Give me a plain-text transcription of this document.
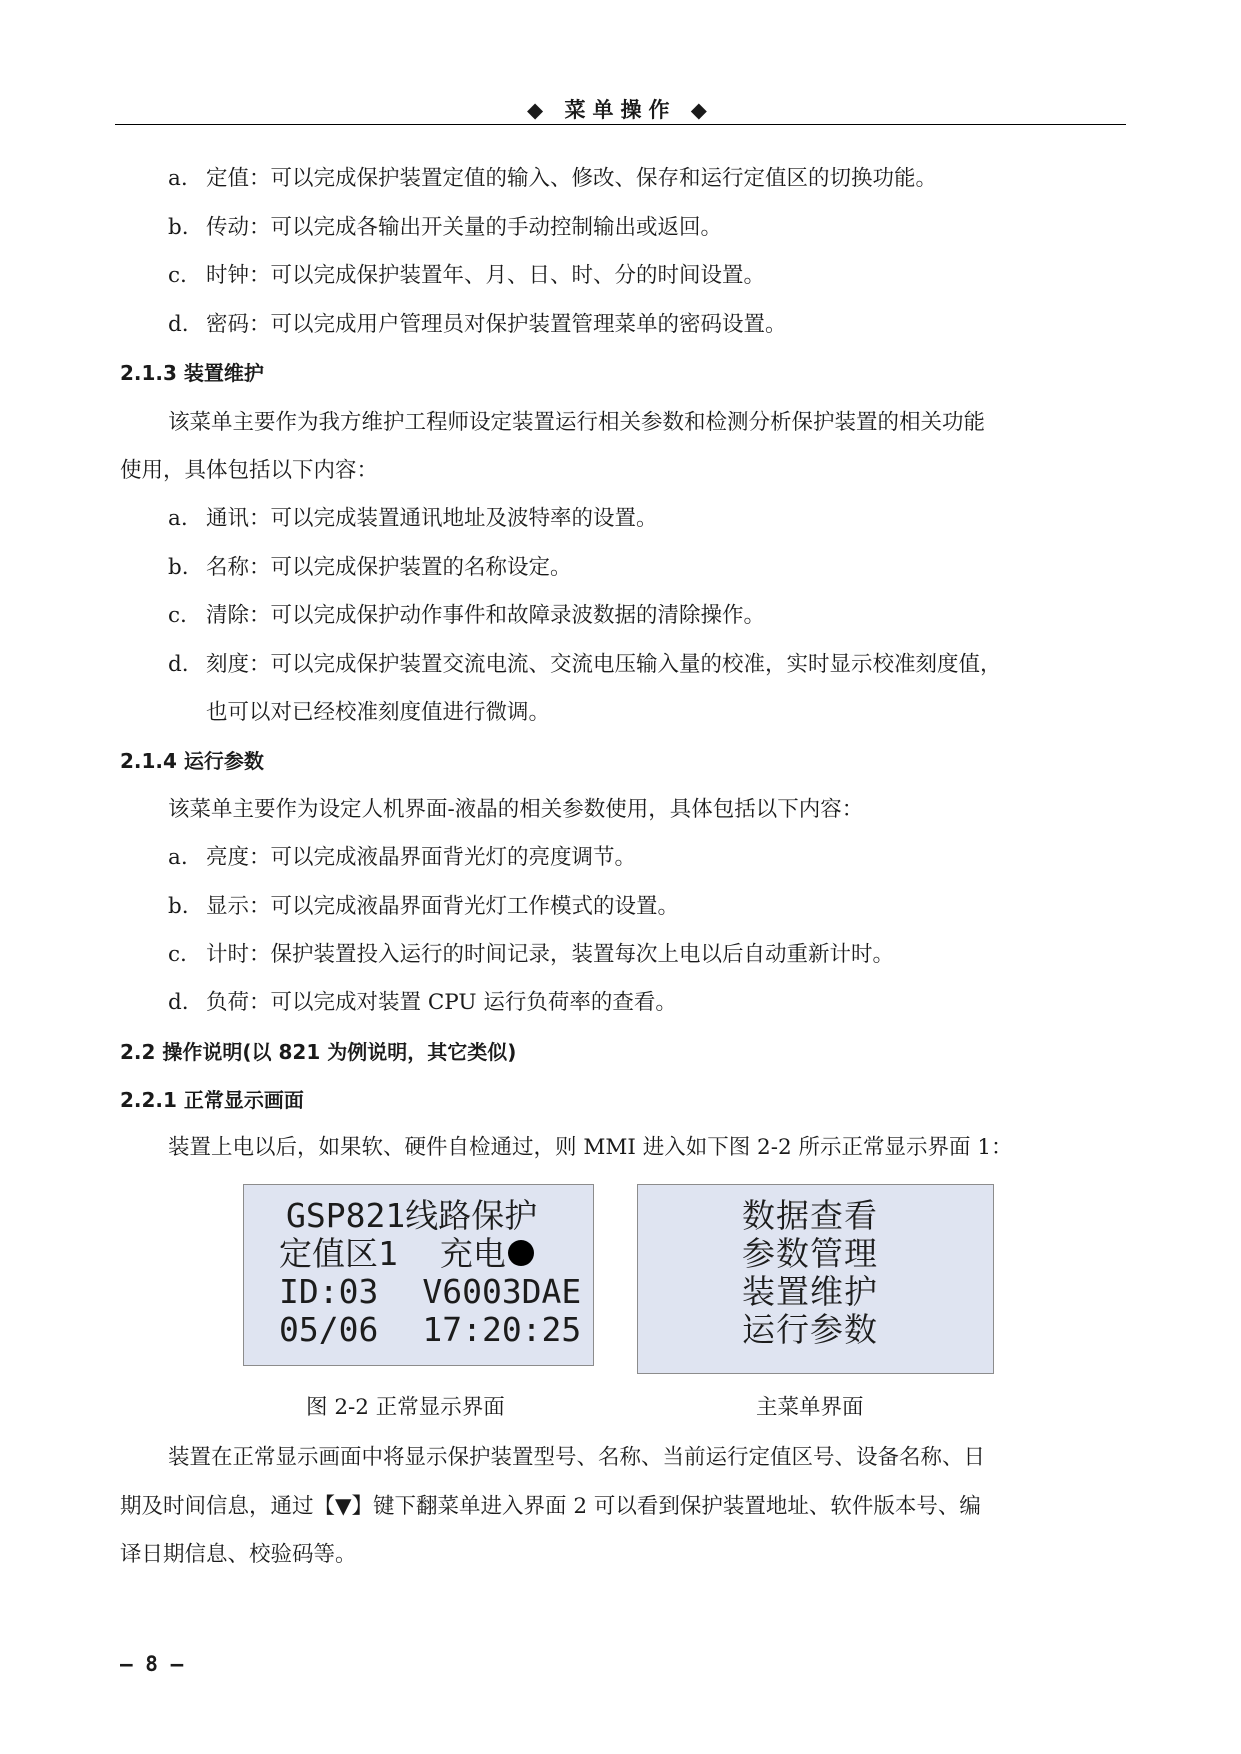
◆ 菜单操作 ◆
a. 定值：可以完成保护装置定值的输入、修改、保存和运行定值区的切换功能。
b. 传动：可以完成各输出开关量的手动控制输出或返回。
c. 时钟：可以完成保护装置年、月、日、时、分的时间设置。
d. 密码：可以完成用户管理员对保护装置管理菜单的密码设置。
2.1.3 装置维护
该菜单主要作为我方维护工程师设定装置运行相关参数和检测分析保护装置的相关功能
使用，具体包括以下内容：
a. 通讯：可以完成装置通讯地址及波特率的设置。
b. 名称：可以完成保护装置的名称设定。
c. 清除：可以完成保护动作事件和故障录波数据的清除操作。
d. 刻度：可以完成保护装置交流电流、交流电压输入量的校准，实时显示校准刻度值，
也可以对已经校准刻度值进行微调。
2.1.4 运行参数
该菜单主要作为设定人机界面-液晶的相关参数使用，具体包括以下内容：
a. 亮度：可以完成液晶界面背光灯的亮度调节。
b. 显示：可以完成液晶界面背光灯工作模式的设置。
c. 计时：保护装置投入运行的时间记录，装置每次上电以后自动重新计时。
d. 负荷：可以完成对装置 CPU 运行负荷率的查看。
2.2 操作说明(以 821 为例说明，其它类似)
2.2.1 正常显示画面
装置上电以后，如果软、硬件自检通过，则 MMI 进入如下图 2-2 所示正常显示界面 1：
GSP821线路保护
定值区1 充电
ID:03 V6003DAE
05/06 17:20:25
数据查看
参数管理
装置维护
运行参数
图 2-2 正常显示界面	主菜单界面
装置在正常显示画面中将显示保护装置型号、名称、当前运行定值区号、设备名称、日
期及时间信息，通过【▼】键下翻菜单进入界面 2 可以看到保护装置地址、软件版本号、编
译日期信息、校验码等。
– 8 –
